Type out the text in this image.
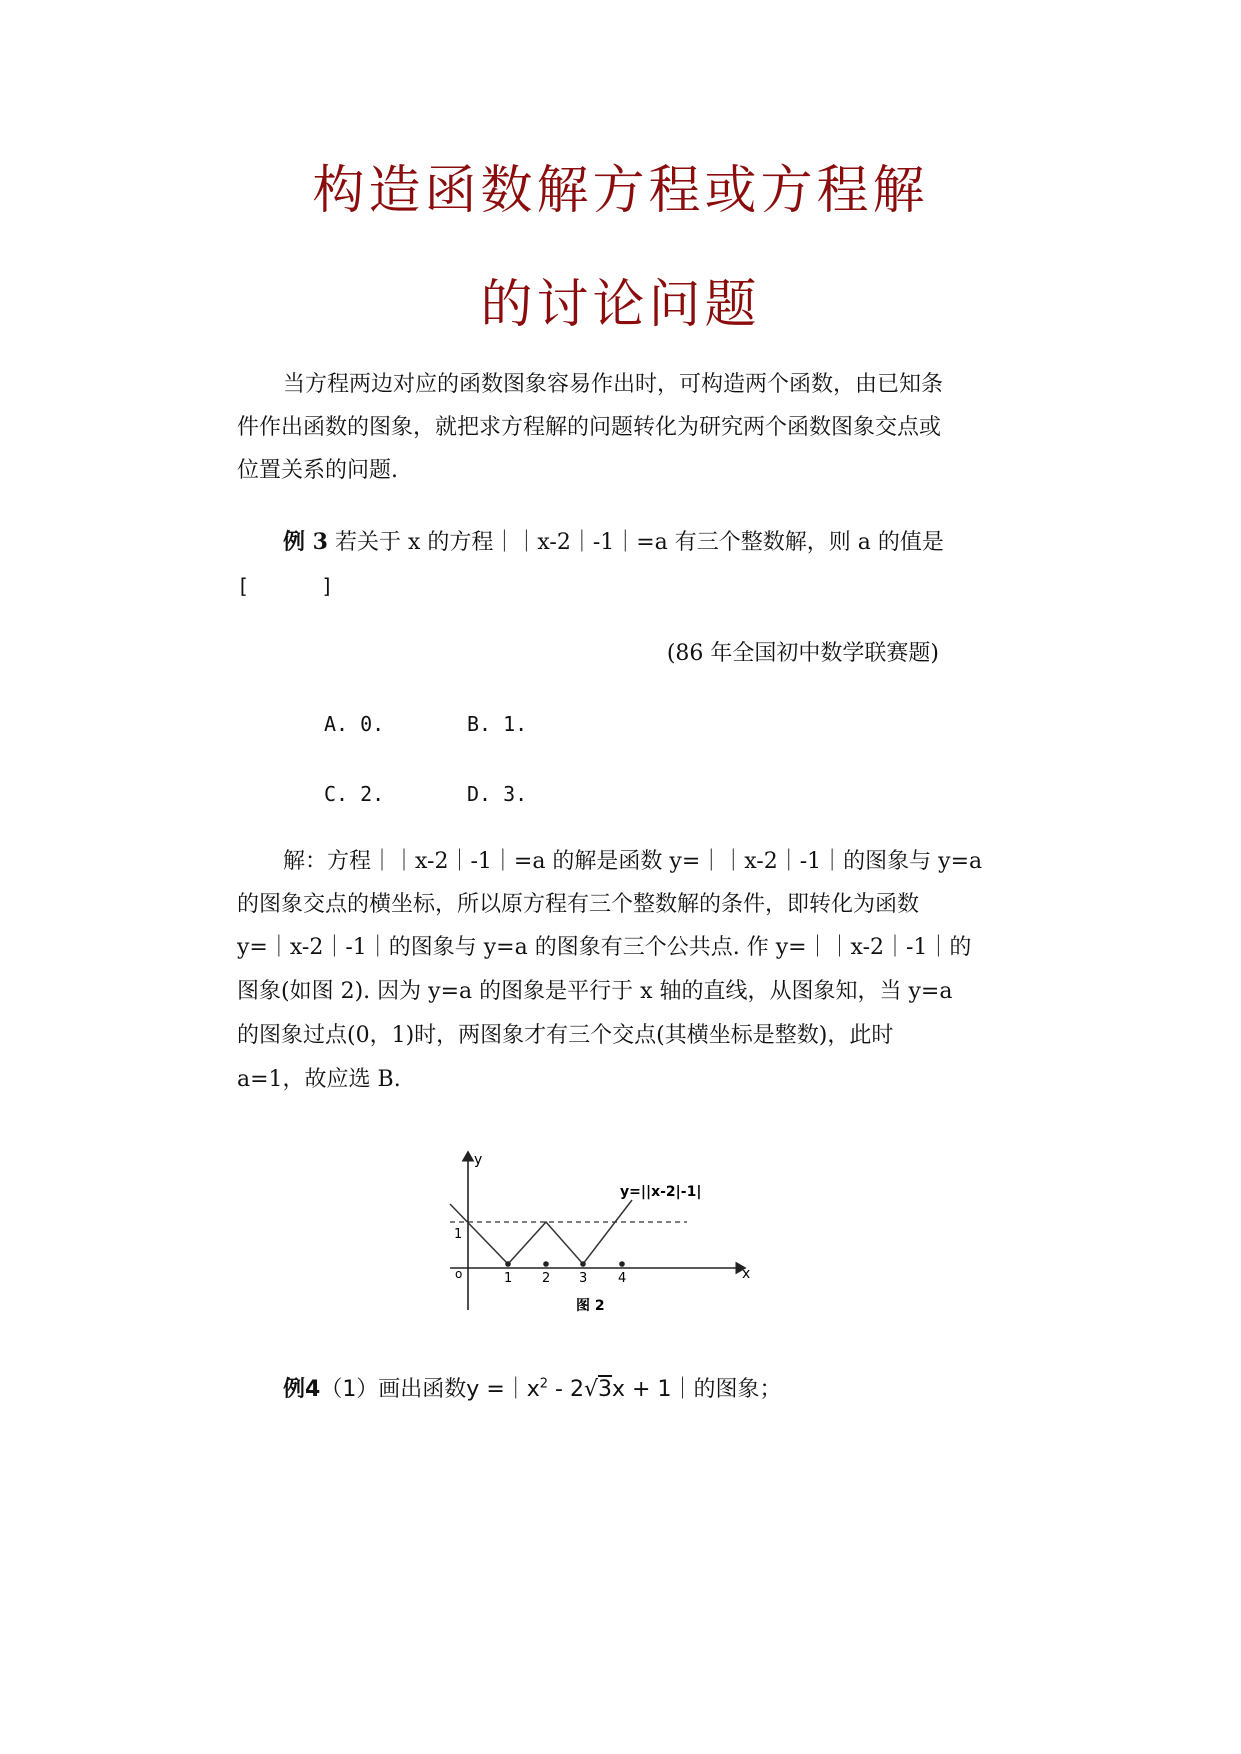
构造函数解方程或方程解
的讨论问题
当方程两边对应的函数图象容易作出时，可构造两个函数，由已知条
件作出函数的图象，就把求方程解的问题转化为研究两个函数图象交点或
位置关系的问题.
例 3 若关于 x 的方程｜｜x-2｜-1｜=a 有三个整数解，则 a 的值是
[      ]
(86 年全国初中数学联赛题)
A. 0.	B. 1.
C. 2.	D. 3.
解：方程｜｜x-2｜-1｜=a 的解是函数 y=｜｜x-2｜-1｜的图象与 y=a
的图象交点的横坐标，所以原方程有三个整数解的条件，即转化为函数
y=｜x-2｜-1｜的图象与 y=a 的图象有三个公共点. 作 y=｜｜x-2｜-1｜的
图象(如图 2). 因为 y=a 的图象是平行于 x 轴的直线，从图象知，当 y=a
的图象过点(0，1)时，两图象才有三个交点(其横坐标是整数)，此时
a=1，故应选 B.
y
x
o
1
1 2 3 4
y=||x-2|-1|
图 2
例4（1）画出函数$y =|x^2 - 2√3x$ + 1｜的图象；
